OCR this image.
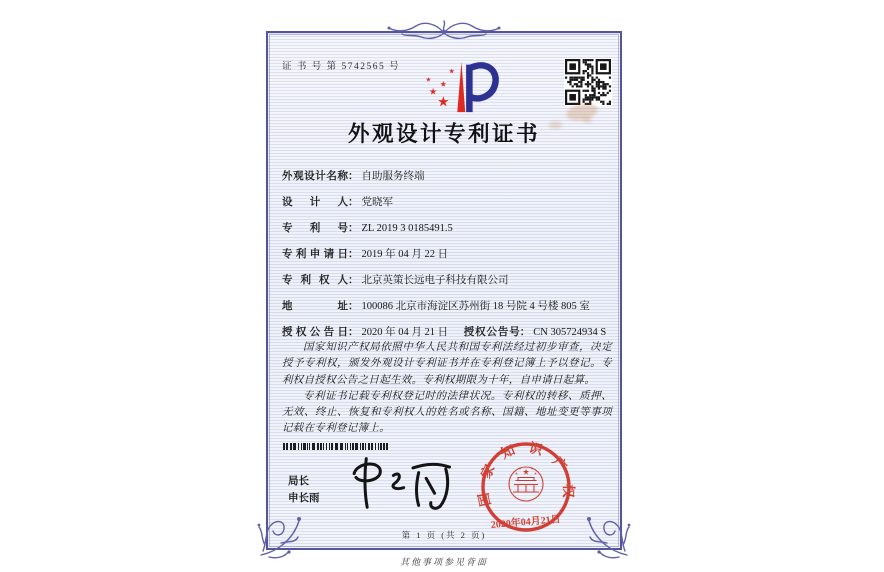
证 书 号 第 5742565 号
外观设计专利证书
外观设计名称： 自助服务终端
设计人： 党晓军
专利号： ZL 2019 3 0185491.5
专利申请日： 2019 年 04 月 22 日
专利权人： 北京英策长远电子科技有限公司
地址： 100086 北京市海淀区苏州街 18 号院 4 号楼 805 室
授权公告日： 2020 年 04 月 21 日 授权公告号： CN 305724934 S

国家知识产权局依照中华人民共和国专利法经过初步审查，决定授予专利权，颁发外观设计专利证书并在专利登记簿上予以登记。专利权自授权公告之日起生效。专利权期限为十年，自申请日起算。

专利证书记载专利权登记时的法律状况。专利权的转移、质押、无效、终止、恢复和专利权人的姓名或名称、国籍、地址变更等事项记载在专利登记簿上。

局长
申长雨	国家知识产权局
2020年04月21日
第 1 页 (共 2 页)
其他事项参见背面
